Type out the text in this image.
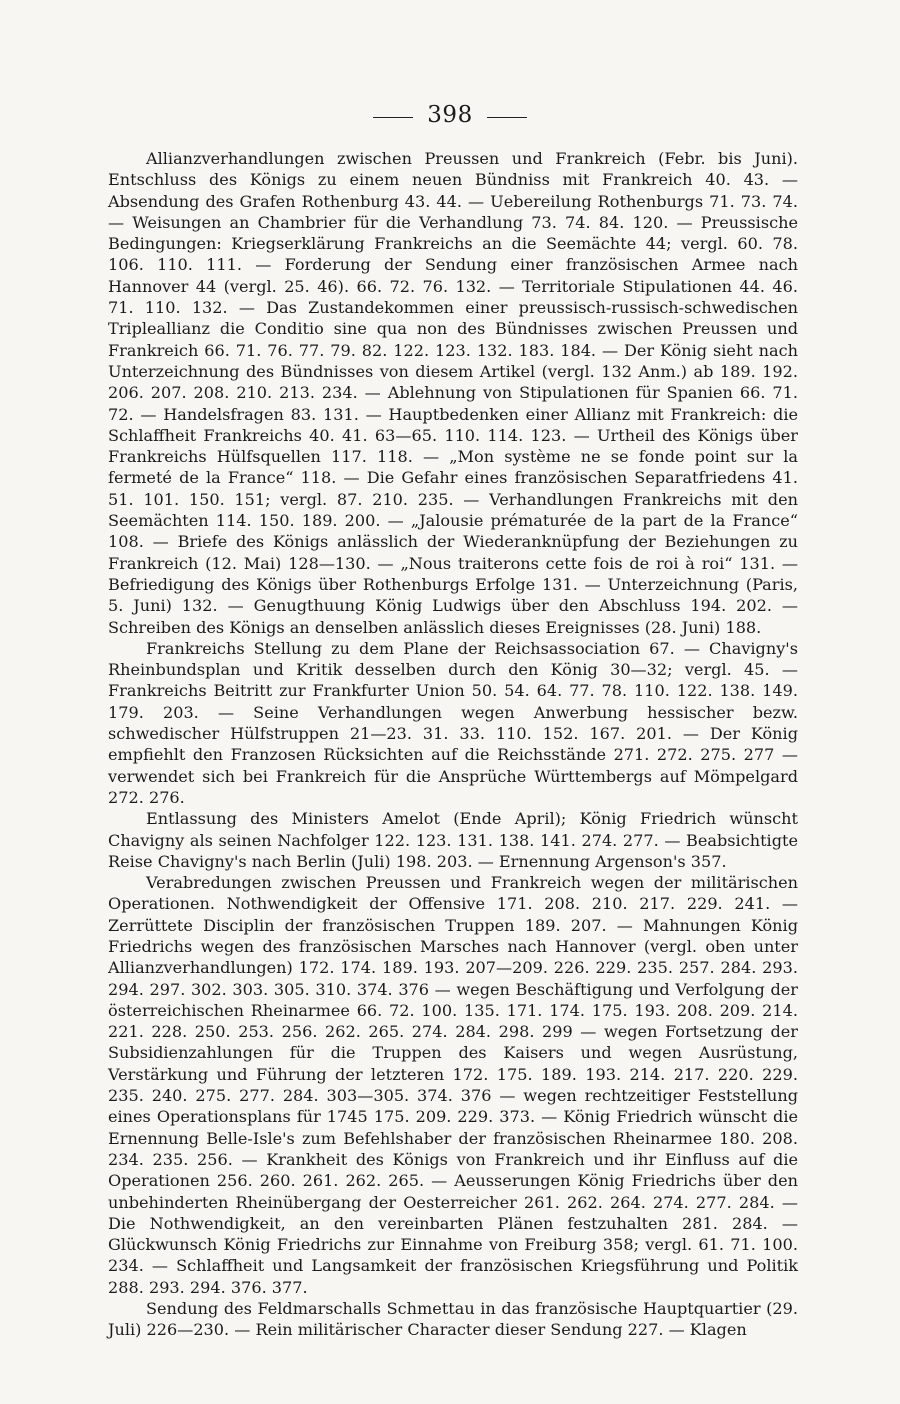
398

Allianzverhandlungen zwischen Preussen und Frankreich (Febr. bis Juni). Entschluss des Königs zu einem neuen Bündniss mit Frankreich 40. 43. — Absendung des Grafen Rothenburg 43. 44. — Uebereilung Rothenburgs 71. 73. 74. — Weisungen an Chambrier für die Verhandlung 73. 74. 84. 120. — Preussische Bedingungen: Kriegserklärung Frankreichs an die Seemächte 44; vergl. 60. 78. 106. 110. 111. — Forderung der Sendung einer französischen Armee nach Hannover 44 (vergl. 25. 46). 66. 72. 76. 132. — Territoriale Stipulationen 44. 46. 71. 110. 132. — Das Zustandekommen einer preussisch-russisch-schwedischen Tripleallianz die Conditio sine qua non des Bündnisses zwischen Preussen und Frankreich 66. 71. 76. 77. 79. 82. 122. 123. 132. 183. 184. — Der König sieht nach Unterzeichnung des Bündnisses von diesem Artikel (vergl. 132 Anm.) ab 189. 192. 206. 207. 208. 210. 213. 234. — Ablehnung von Stipulationen für Spanien 66. 71. 72. — Handelsfragen 83. 131. — Hauptbedenken einer Allianz mit Frankreich: die Schlaffheit Frankreichs 40. 41. 63—65. 110. 114. 123. — Urtheil des Königs über Frankreichs Hülfsquellen 117. 118. — „Mon système ne se fonde point sur la fermeté de la France“ 118. — Die Gefahr eines französischen Separatfriedens 41. 51. 101. 150. 151; vergl. 87. 210. 235. — Verhandlungen Frankreichs mit den Seemächten 114. 150. 189. 200. — „Jalousie prématurée de la part de la France“ 108. — Briefe des Königs anlässlich der Wiederanknüpfung der Beziehungen zu Frankreich (12. Mai) 128—130. — „Nous traiterons cette fois de roi à roi“ 131. — Befriedigung des Königs über Rothenburgs Erfolge 131. — Unterzeichnung (Paris, 5. Juni) 132. — Genugthuung König Ludwigs über den Abschluss 194. 202. — Schreiben des Königs an denselben anlässlich dieses Ereignisses (28. Juni) 188.

Frankreichs Stellung zu dem Plane der Reichsassociation 67. — Chavigny's Rheinbundsplan und Kritik desselben durch den König 30—32; vergl. 45. — Frankreichs Beitritt zur Frankfurter Union 50. 54. 64. 77. 78. 110. 122. 138. 149. 179. 203. — Seine Verhandlungen wegen Anwerbung hessischer bezw. schwedischer Hülfstruppen 21—23. 31. 33. 110. 152. 167. 201. — Der König empfiehlt den Franzosen Rücksichten auf die Reichsstände 271. 272. 275. 277 — verwendet sich bei Frankreich für die Ansprüche Württembergs auf Mömpelgard 272. 276.

Entlassung des Ministers Amelot (Ende April); König Friedrich wünscht Chavigny als seinen Nachfolger 122. 123. 131. 138. 141. 274. 277. — Beabsichtigte Reise Chavigny's nach Berlin (Juli) 198. 203. — Ernennung Argenson's 357.

Verabredungen zwischen Preussen und Frankreich wegen der militärischen Operationen. Nothwendigkeit der Offensive 171. 208. 210. 217. 229. 241. — Zerrüttete Disciplin der französischen Truppen 189. 207. — Mahnungen König Friedrichs wegen des französischen Marsches nach Hannover (vergl. oben unter Allianzverhandlungen) 172. 174. 189. 193. 207—209. 226. 229. 235. 257. 284. 293. 294. 297. 302. 303. 305. 310. 374. 376 — wegen Beschäftigung und Verfolgung der österreichischen Rheinarmee 66. 72. 100. 135. 171. 174. 175. 193. 208. 209. 214. 221. 228. 250. 253. 256. 262. 265. 274. 284. 298. 299 — wegen Fortsetzung der Subsidienzahlungen für die Truppen des Kaisers und wegen Ausrüstung, Verstärkung und Führung der letzteren 172. 175. 189. 193. 214. 217. 220. 229. 235. 240. 275. 277. 284. 303—305. 374. 376 — wegen rechtzeitiger Feststellung eines Operationsplans für 1745 175. 209. 229. 373. — König Friedrich wünscht die Ernennung Belle-Isle's zum Befehlshaber der französischen Rheinarmee 180. 208. 234. 235. 256. — Krankheit des Königs von Frankreich und ihr Einfluss auf die Operationen 256. 260. 261. 262. 265. — Aeusserungen König Friedrichs über den unbehinderten Rheinübergang der Oesterreicher 261. 262. 264. 274. 277. 284. — Die Nothwendigkeit, an den vereinbarten Plänen festzuhalten 281. 284. — Glückwunsch König Friedrichs zur Einnahme von Freiburg 358; vergl. 61. 71. 100. 234. — Schlaffheit und Langsamkeit der französischen Kriegsführung und Politik 288. 293. 294. 376. 377.

Sendung des Feldmarschalls Schmettau in das französische Hauptquartier (29. Juli) 226—230. — Rein militärischer Character dieser Sendung 227. — Klagen
